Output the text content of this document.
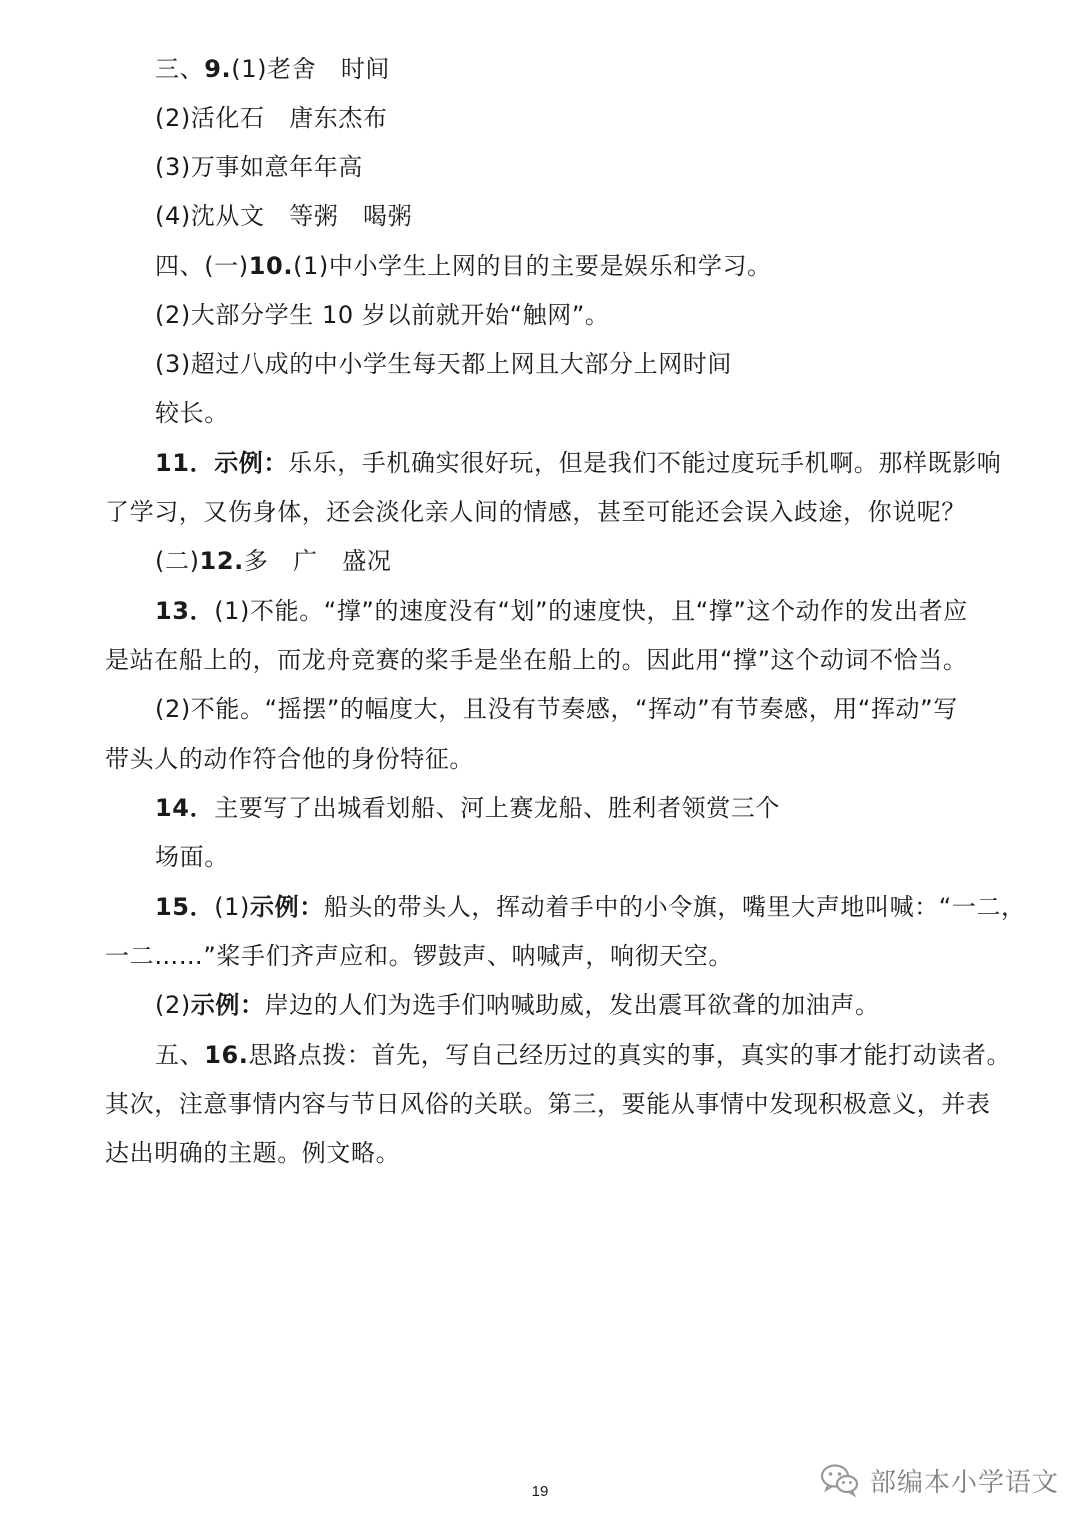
三、9.(1)老舍　时间
(2)活化石　唐东杰布
(3)万事如意年年高
(4)沈从文　等粥　喝粥
四、(一)10.(1)中小学生上网的目的主要是娱乐和学习。
(2)大部分学生 10 岁以前就开始“触网”。
(3)超过八成的中小学生每天都上网且大部分上网时间
较长。
11．示例：乐乐，手机确实很好玩，但是我们不能过度玩手机啊。那样既影响
了学习，又伤身体，还会淡化亲人间的情感，甚至可能还会误入歧途，你说呢？
(二)12.多　广　盛况
13．(1)不能。“撑”的速度没有“划”的速度快，且“撑”这个动作的发出者应
是站在船上的，而龙舟竞赛的桨手是坐在船上的。因此用“撑”这个动词不恰当。
(2)不能。“摇摆”的幅度大，且没有节奏感，“挥动”有节奏感，用“挥动”写
带头人的动作符合他的身份特征。
14．主要写了出城看划船、河上赛龙船、胜利者领赏三个
场面。
15．(1)示例：船头的带头人，挥动着手中的小令旗，嘴里大声地叫喊：“一二，
一二……”桨手们齐声应和。锣鼓声、呐喊声，响彻天空。
(2)示例：岸边的人们为选手们呐喊助威，发出震耳欲聋的加油声。
五、16.思路点拨：首先，写自己经历过的真实的事，真实的事才能打动读者。
其次，注意事情内容与节日风俗的关联。第三，要能从事情中发现积极意义，并表
达出明确的主题。例文略。
19	部编本小学语文
